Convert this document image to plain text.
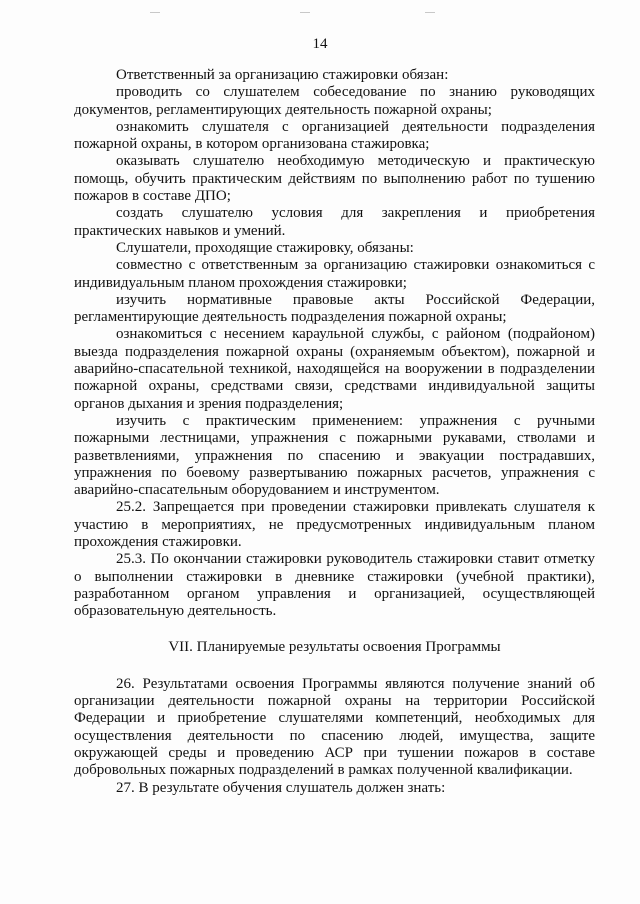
14

Ответственный за организацию стажировки обязан:

проводить со слушателем собеседование по знанию руководящих документов, регламентирующих деятельность пожарной охраны;

ознакомить слушателя с организацией деятельности подразделения пожарной охраны, в котором организована стажировка;

оказывать слушателю необходимую методическую и практическую помощь, обучить практическим действиям по выполнению работ по тушению пожаров в составе ДПО;

создать слушателю условия для закрепления и приобретения практических навыков и умений.

Слушатели, проходящие стажировку, обязаны:

совместно с ответственным за организацию стажировки ознакомиться с индивидуальным планом прохождения стажировки;

изучить нормативные правовые акты Российской Федерации, регламентирующие деятельность подразделения пожарной охраны;

ознакомиться с несением караульной службы, с районом (подрайоном) выезда подразделения пожарной охраны (охраняемым объектом), пожарной и аварийно-спасательной техникой, находящейся на вооружении в подразделении пожарной охраны, средствами связи, средствами индивидуальной защиты органов дыхания и зрения подразделения;

изучить с практическим применением: упражнения с ручными пожарными лестницами, упражнения с пожарными рукавами, стволами и разветвлениями, упражнения по спасению и эвакуации пострадавших, упражнения по боевому развертыванию пожарных расчетов, упражнения с аварийно-спасательным оборудованием и инструментом.

25.2. Запрещается при проведении стажировки привлекать слушателя к участию в мероприятиях, не предусмотренных индивидуальным планом прохождения стажировки.

25.3. По окончании стажировки руководитель стажировки ставит отметку о выполнении стажировки в дневнике стажировки (учебной практики), разработанном органом управления и организацией, осуществляющей образовательную деятельность.

VII. Планируемые результаты освоения Программы

26. Результатами освоения Программы являются получение знаний об организации деятельности пожарной охраны на территории Российской Федерации и приобретение слушателями компетенций, необходимых для осуществления деятельности по спасению людей, имущества, защите окружающей среды и проведению АСР при тушении пожаров в составе добровольных пожарных подразделений в рамках полученной квалификации.

27. В результате обучения слушатель должен знать:
